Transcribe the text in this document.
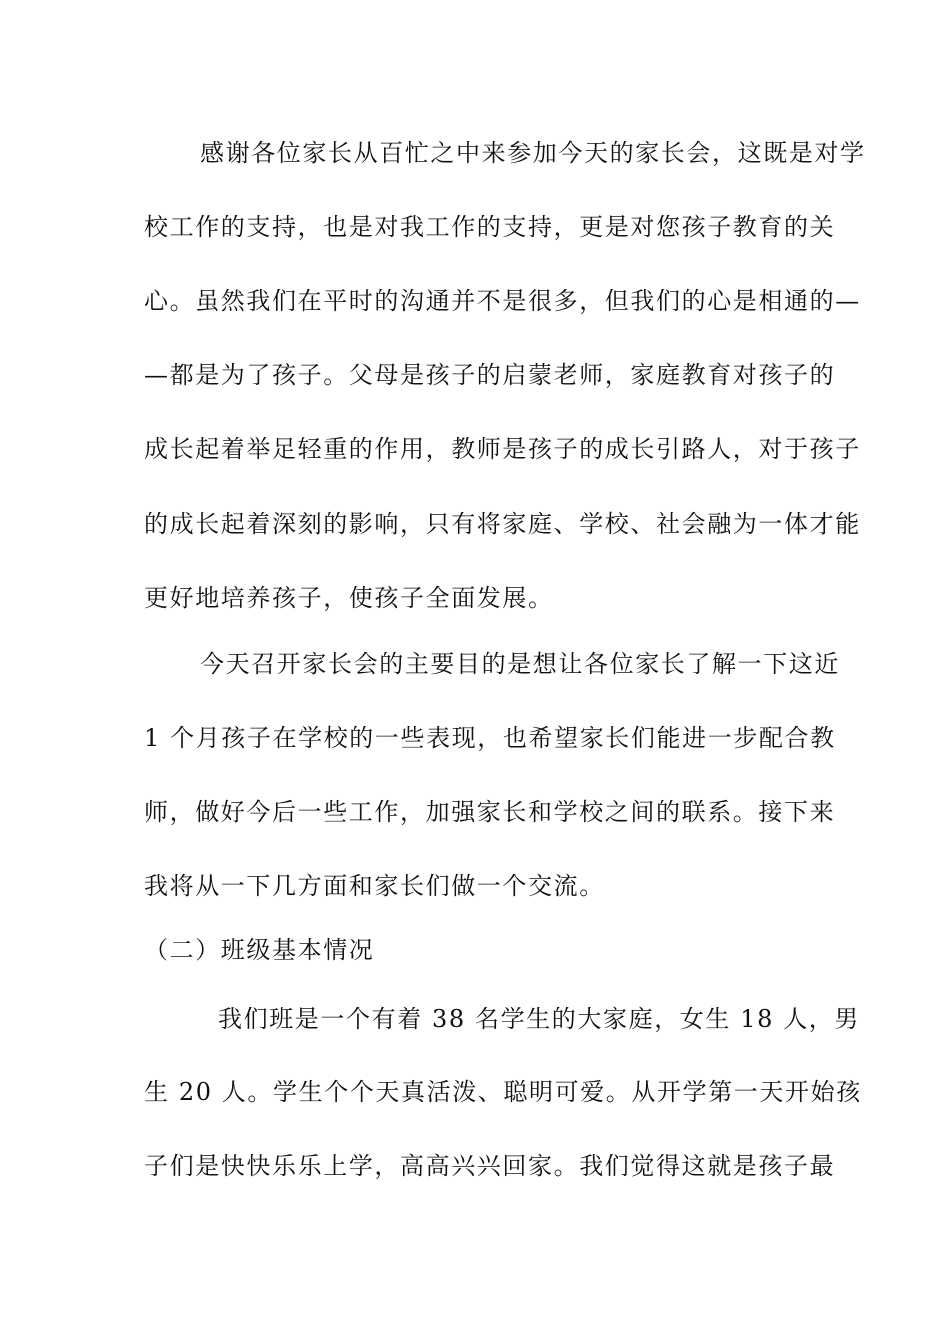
感谢各位家长从百忙之中来参加今天的家长会，这既是对学
校工作的支持，也是对我工作的支持，更是对您孩子教育的关
心。虽然我们在平时的沟通并不是很多，但我们的心是相通的—
—都是为了孩子。父母是孩子的启蒙老师，家庭教育对孩子的
成长起着举足轻重的作用，教师是孩子的成长引路人，对于孩子
的成长起着深刻的影响，只有将家庭、学校、社会融为一体才能
更好地培养孩子，使孩子全面发展。
今天召开家长会的主要目的是想让各位家长了解一下这近
1 个月孩子在学校的一些表现，也希望家长们能进一步配合教
师，做好今后一些工作，加强家长和学校之间的联系。接下来
我将从一下几方面和家长们做一个交流。
（二）班级基本情况
我们班是一个有着 38 名学生的大家庭，女生 18 人，男
生 20 人。学生个个天真活泼、聪明可爱。从开学第一天开始孩
子们是快快乐乐上学，高高兴兴回家。我们觉得这就是孩子最
